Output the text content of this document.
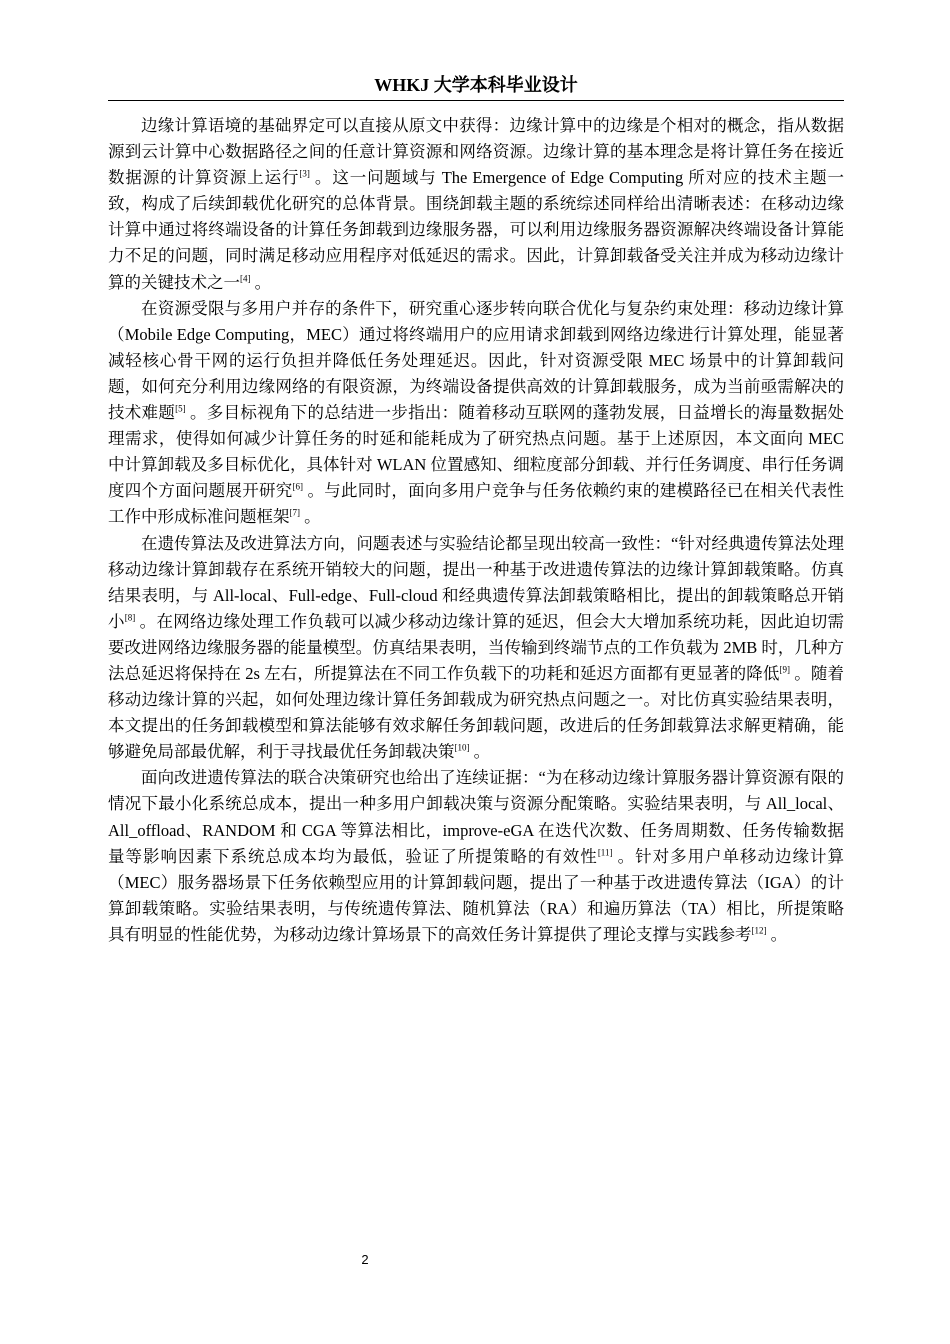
WHKJ 大学本科毕业设计

边缘计算语境的基础界定可以直接从原文中获得：边缘计算中的边缘是个相对的概念，指从数据源到云计算中心数据路径之间的任意计算资源和网络资源。边缘计算的基本理念是将计算任务在接近数据源的计算资源上运行[3] 。这一问题域与 The Emergence of Edge Computing 所对应的技术主题一致，构成了后续卸载优化研究的总体背景。围绕卸载主题的系统综述同样给出清晰表述：在移动边缘计算中通过将终端设备的计算任务卸载到边缘服务器，可以利用边缘服务器资源解决终端设备计算能力不足的问题，同时满足移动应用程序对低延迟的需求。因此，计算卸载备受关注并成为移动边缘计算的关键技术之一[4] 。

在资源受限与多用户并存的条件下，研究重心逐步转向联合优化与复杂约束处理：移动边缘计算（Mobile Edge Computing，MEC）通过将终端用户的应用请求卸载到网络边缘进行计算处理，能显著减轻核心骨干网的运行负担并降低任务处理延迟。因此，针对资源受限 MEC 场景中的计算卸载问题，如何充分利用边缘网络的有限资源，为终端设备提供高效的计算卸载服务，成为当前亟需解决的技术难题[5] 。多目标视角下的总结进一步指出：随着移动互联网的蓬勃发展，日益增长的海量数据处理需求，使得如何减少计算任务的时延和能耗成为了研究热点问题。基于上述原因，本文面向 MEC 中计算卸载及多目标优化，具体针对 WLAN 位置感知、细粒度部分卸载、并行任务调度、串行任务调度四个方面问题展开研究[6] 。与此同时，面向多用户竞争与任务依赖约束的建模路径已在相关代表性工作中形成标准问题框架[7] 。

在遗传算法及改进算法方向，问题表述与实验结论都呈现出较高一致性：“针对经典遗传算法处理移动边缘计算卸载存在系统开销较大的问题，提出一种基于改进遗传算法的边缘计算卸载策略。仿真结果表明，与 All-local、Full-edge、Full-cloud 和经典遗传算法卸载策略相比，提出的卸载策略总开销小[8] 。在网络边缘处理工作负载可以减少移动边缘计算的延迟，但会大大增加系统功耗，因此迫切需要改进网络边缘服务器的能量模型。仿真结果表明，当传输到终端节点的工作负载为 2MB 时，几种方法总延迟将保持在 2s 左右，所提算法在不同工作负载下的功耗和延迟方面都有更显著的降低[9] 。随着移动边缘计算的兴起，如何处理边缘计算任务卸载成为研究热点问题之一。对比仿真实验结果表明，本文提出的任务卸载模型和算法能够有效求解任务卸载问题，改进后的任务卸载算法求解更精确，能够避免局部最优解，利于寻找最优任务卸载决策[10] 。

面向改进遗传算法的联合决策研究也给出了连续证据：“为在移动边缘计算服务器计算资源有限的情况下最小化系统总成本，提出一种多用户卸载决策与资源分配策略。实验结果表明，与 All_local、All_offload、RANDOM 和 CGA 等算法相比，improve-eGA 在迭代次数、任务周期数、任务传输数据量等影响因素下系统总成本均为最低，验证了所提策略的有效性[11] 。针对多用户单移动边缘计算（MEC）服务器场景下任务依赖型应用的计算卸载问题，提出了一种基于改进遗传算法（IGA）的计算卸载策略。实验结果表明，与传统遗传算法、随机算法（RA）和遍历算法（TA）相比，所提策略具有明显的性能优势，为移动边缘计算场景下的高效任务计算提供了理论支撑与实践参考[12] 。

2
